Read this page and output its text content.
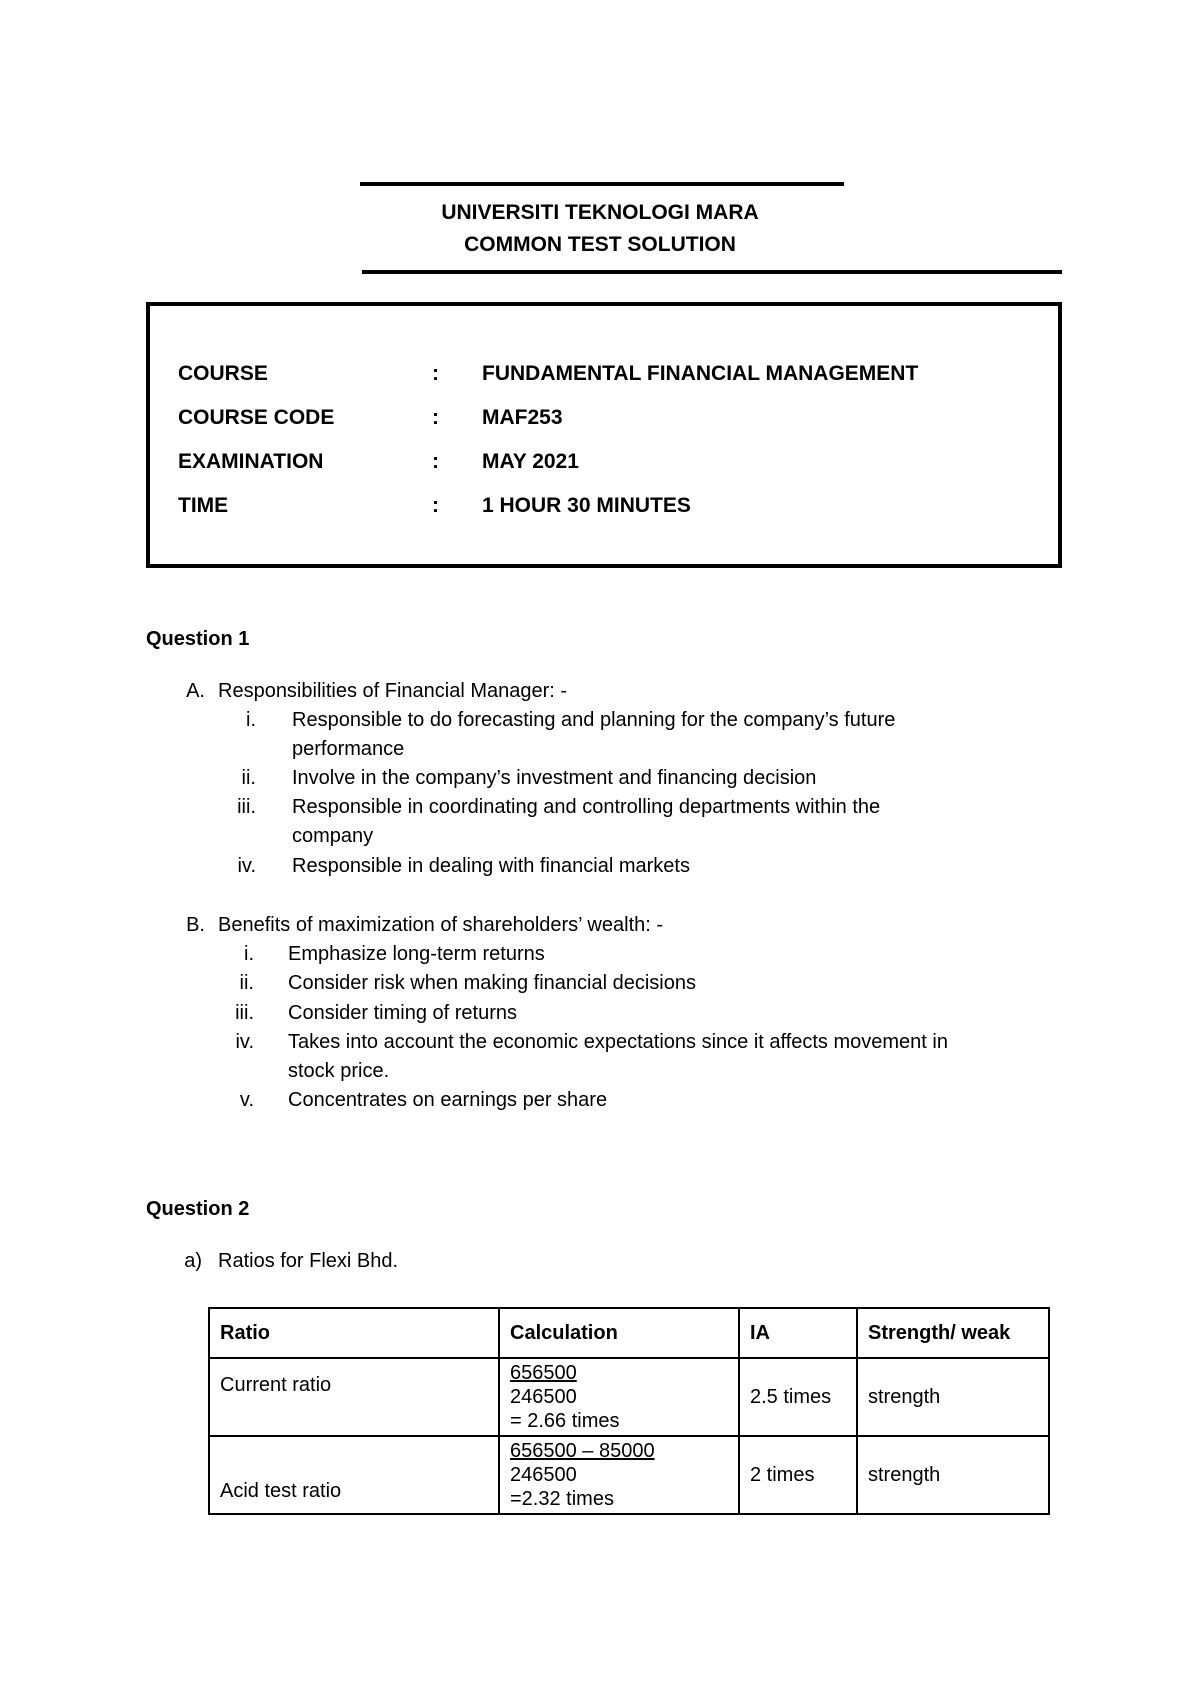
UNIVERSITI TEKNOLOGI MARA
COMMON TEST SOLUTION
COURSE	: FUNDAMENTAL FINANCIAL MANAGEMENT
COURSE CODE	: MAF253
EXAMINATION	: MAY 2021
TIME	: 1 HOUR 30 MINUTES
Question 1
A. Responsibilities of Financial Manager: -
i. Responsible to do forecasting and planning for the company’s future
performance
ii. Involve in the company’s investment and financing decision
iii. Responsible in coordinating and controlling departments within the
company
iv. Responsible in dealing with financial markets
B. Benefits of maximization of shareholders’ wealth: -
i. Emphasize long-term returns
ii. Consider risk when making financial decisions
iii. Consider timing of returns
iv. Takes into account the economic expectations since it affects movement in
stock price.
v. Concentrates on earnings per share
Question 2
a) Ratios for Flexi Bhd.
Ratio	Calculation	IA	Strength/ weak
Current ratio	656500
246500
= 2.66 times	2.5 times	strength
Acid test ratio	656500 – 85000
246500
=2.32 times	2 times	strength
